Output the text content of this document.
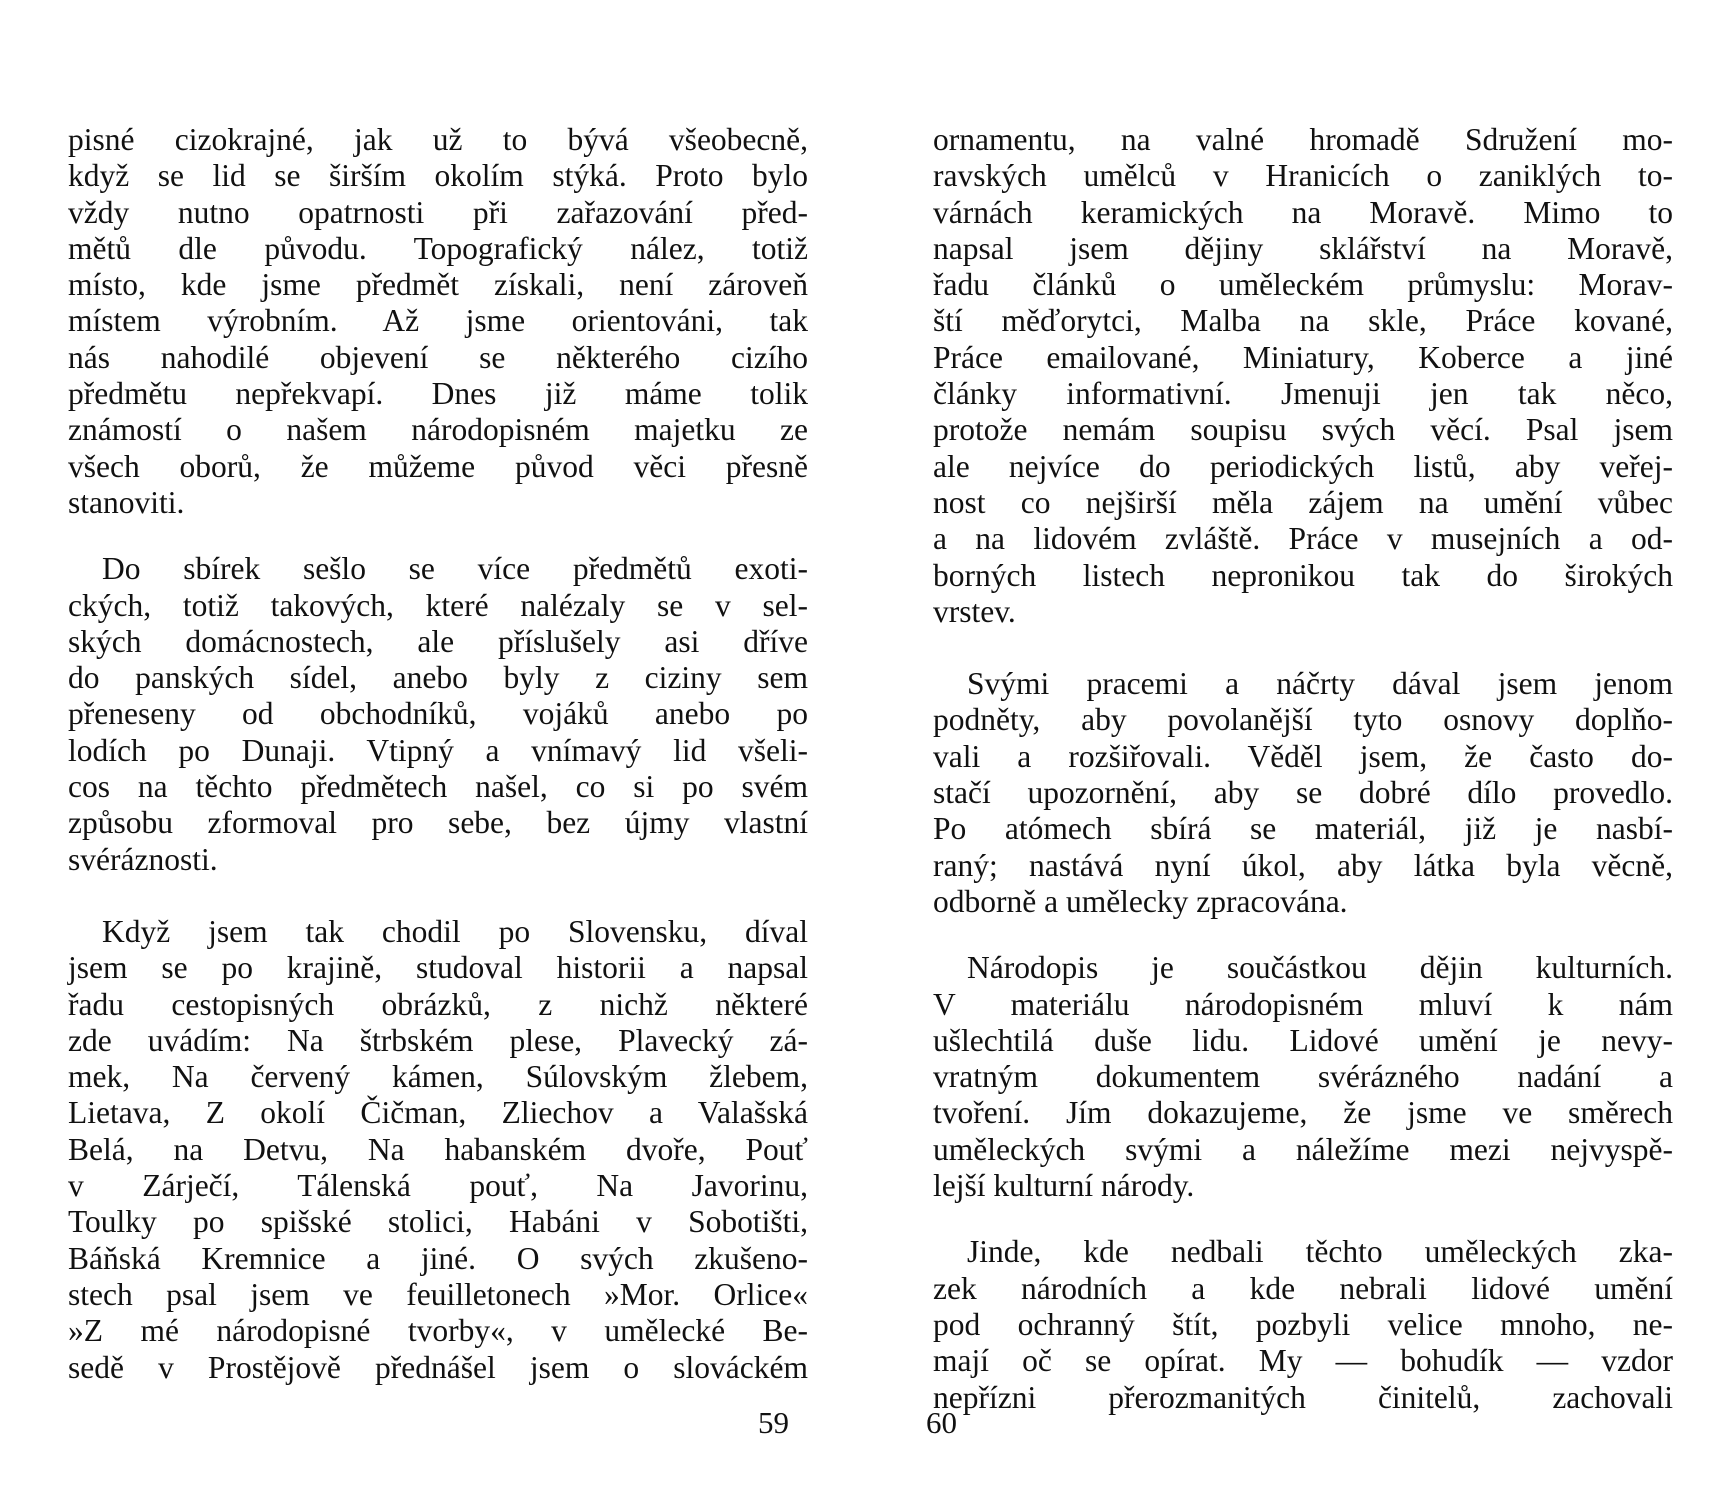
pisné cizokrajné, jak už to bývá všeobecně,
když se lid se širším okolím stýká. Proto bylo
vždy nutno opatrnosti při zařazování před-
mětů dle původu. Topografický nález, totiž
místo, kde jsme předmět získali, není zároveň
místem výrobním. Až jsme orientováni, tak
nás nahodilé objevení se některého cizího
předmětu nepřekvapí. Dnes již máme tolik
známostí o našem národopisném majetku ze
všech oborů, že můžeme původ věci přesně
stanoviti.

Do sbírek sešlo se více předmětů exoti-
ckých, totiž takových, které nalézaly se v sel-
ských domácnostech, ale příslušely asi dříve
do panských sídel, anebo byly z ciziny sem
přeneseny od obchodníků, vojáků anebo po
lodích po Dunaji. Vtipný a vnímavý lid všeli-
cos na těchto předmětech našel, co si po svém
způsobu zformoval pro sebe, bez újmy vlastní
svéráznosti.

Když jsem tak chodil po Slovensku, díval
jsem se po krajině, studoval historii a napsal
řadu cestopisných obrázků, z nichž některé
zde uvádím: Na štrbském plese, Plavecký zá-
mek, Na červený kámen, Súlovským žlebem,
Lietava, Z okolí Čičman, Zliechov a Valašská
Belá, na Detvu, Na habanském dvoře, Pouť
v Zárječí, Tálenská pouť, Na Javorinu,
Toulky po spišské stolici, Habáni v Sobotišti,
Báňská Kremnice a jiné. O svých zkušeno-
stech psal jsem ve feuilletonech »Mor. Orlice«
»Z mé národopisné tvorby«, v umělecké Be-
sedě v Prostějově přednášel jsem o slováckém

59

ornamentu, na valné hromadě Sdružení mo-
ravských umělců v Hranicích o zaniklých to-
várnách keramických na Moravě. Mimo to
napsal jsem dějiny sklářství na Moravě,
řadu článků o uměleckém průmyslu: Morav-
ští měďorytci, Malba na skle, Práce kované,
Práce emailované, Miniatury, Koberce a jiné
články informativní. Jmenuji jen tak něco,
protože nemám soupisu svých věcí. Psal jsem
ale nejvíce do periodických listů, aby veřej-
nost co nejširší měla zájem na umění vůbec
a na lidovém zvláště. Práce v musejních a od-
borných listech nepronikou tak do širokých
vrstev.

Svými pracemi a náčrty dával jsem jenom
podněty, aby povolanější tyto osnovy doplňo-
vali a rozšiřovali. Věděl jsem, že často do-
stačí upozornění, aby se dobré dílo provedlo.
Po atómech sbírá se materiál, již je nasbí-
raný; nastává nyní úkol, aby látka byla věcně,
odborně a umělecky zpracována.

Národopis je součástkou dějin kulturních.
V materiálu národopisném mluví k nám
ušlechtilá duše lidu. Lidové umění je nevy-
vratným dokumentem svérázného nadání a
tvoření. Jím dokazujeme, že jsme ve směrech
uměleckých svými a náležíme mezi nejvyspě-
lejší kulturní národy.

Jinde, kde nedbali těchto uměleckých zka-
zek národních a kde nebrali lidové umění
pod ochranný štít, pozbyli velice mnoho, ne-
mají oč se opírat. My — bohudík — vzdor
nepřízni přerozmanitých činitelů, zachovali

60
